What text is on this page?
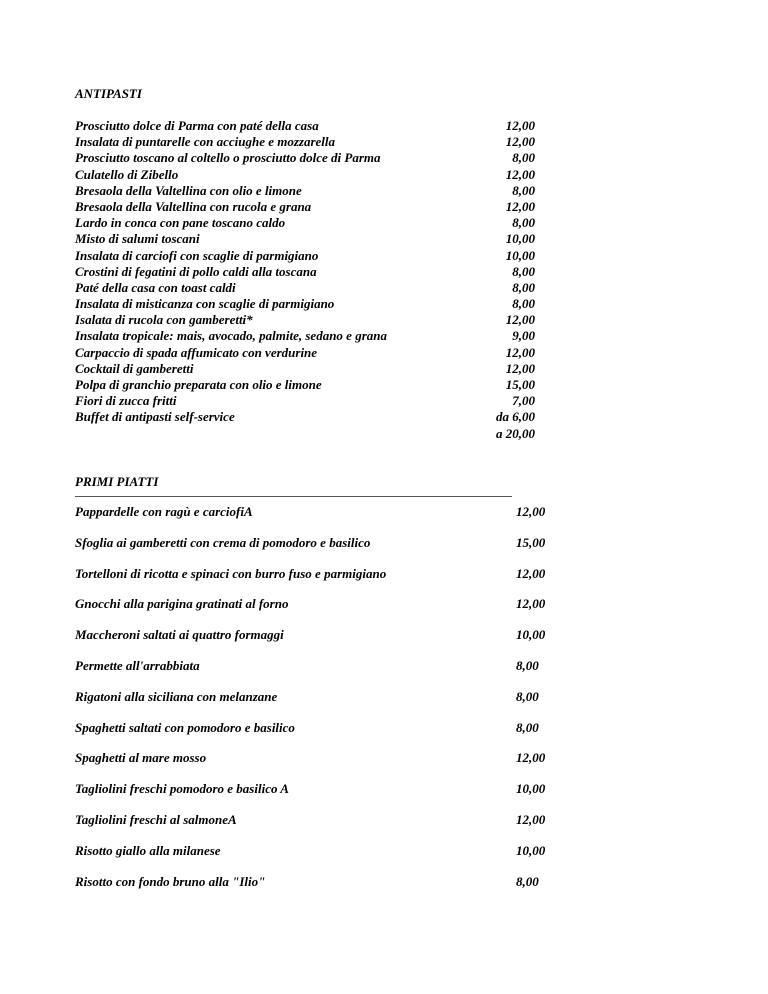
ANTIPASTI
Prosciutto dolce di Parma con paté della casa	12,00
Insalata di puntarelle con acciughe e mozzarella	12,00
Prosciutto toscano al coltello o prosciutto dolce di Parma	8,00
Culatello di Zibello	12,00
Bresaola della Valtellina con olio e limone	8,00
Bresaola della Valtellina con rucola e grana	12,00
Lardo in conca con pane toscano caldo	8,00
Misto di salumi toscani	10,00
Insalata di carciofi con scaglie di parmigiano	10,00
Crostini di fegatini di pollo caldi alla toscana	8,00
Paté della casa con toast caldi	8,00
Insalata di misticanza con scaglie di parmigiano	8,00
Isalata di rucola con gamberetti*	12,00
Insalata tropicale: mais, avocado, palmite, sedano e grana	9,00
Carpaccio di spada affumicato con verdurine	12,00
Cocktail di gamberetti	12,00
Polpa di granchio preparata con olio e limone	15,00
Fiori di zucca fritti	7,00
Buffet di antipasti self-service	da 6,00
a 20,00
PRIMI PIATTI
Pappardelle con ragù e carciofiA	12,00
Sfoglia ai gamberetti con crema di pomodoro e basilico	15,00
Tortelloni di ricotta e spinaci con burro fuso e parmigiano	12,00
Gnocchi alla parigina gratinati al forno	12,00
Maccheroni saltati ai quattro formaggi	10,00
Permette all'arrabbiata	8,00
Rigatoni alla siciliana con melanzane	8,00
Spaghetti saltati con pomodoro e basilico	8,00
Spaghetti al mare mosso	12,00
Tagliolini freschi pomodoro e basilico A	10,00
Tagliolini freschi al salmoneA	12,00
Risotto giallo alla milanese	10,00
Risotto con fondo bruno alla "Ilio"	8,00
